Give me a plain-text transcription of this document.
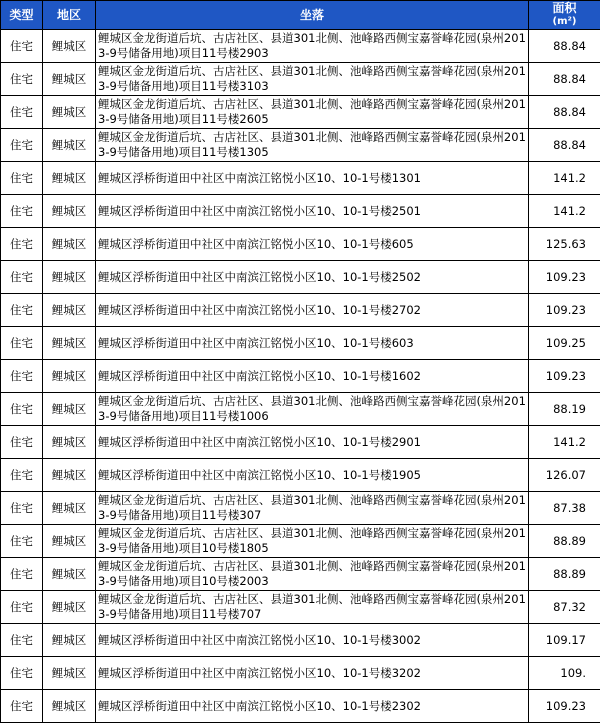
类型	地区	坐落	面积
(m²)
住宅	鲤城区	鲤城区金龙街道后坑、古店社区、县道301北侧、池峰路西侧宝嘉誉峰花园(泉州2013-9号储备用地)项目11号楼2903	88.84
住宅	鲤城区	鲤城区金龙街道后坑、古店社区、县道301北侧、池峰路西侧宝嘉誉峰花园(泉州2013-9号储备用地)项目11号楼3103	88.84
住宅	鲤城区	鲤城区金龙街道后坑、古店社区、县道301北侧、池峰路西侧宝嘉誉峰花园(泉州2013-9号储备用地)项目11号楼2605	88.84
住宅	鲤城区	鲤城区金龙街道后坑、古店社区、县道301北侧、池峰路西侧宝嘉誉峰花园(泉州2013-9号储备用地)项目11号楼1305	88.84
住宅	鲤城区	鲤城区浮桥街道田中社区中南滨江铭悦小区10、10-1号楼1301	141.2
住宅	鲤城区	鲤城区浮桥街道田中社区中南滨江铭悦小区10、10-1号楼2501	141.2
住宅	鲤城区	鲤城区浮桥街道田中社区中南滨江铭悦小区10、10-1号楼605	125.63
住宅	鲤城区	鲤城区浮桥街道田中社区中南滨江铭悦小区10、10-1号楼2502	109.23
住宅	鲤城区	鲤城区浮桥街道田中社区中南滨江铭悦小区10、10-1号楼2702	109.23
住宅	鲤城区	鲤城区浮桥街道田中社区中南滨江铭悦小区10、10-1号楼603	109.25
住宅	鲤城区	鲤城区浮桥街道田中社区中南滨江铭悦小区10、10-1号楼1602	109.23
住宅	鲤城区	鲤城区金龙街道后坑、古店社区、县道301北侧、池峰路西侧宝嘉誉峰花园(泉州2013-9号储备用地)项目11号楼1006	88.19
住宅	鲤城区	鲤城区浮桥街道田中社区中南滨江铭悦小区10、10-1号楼2901	141.2
住宅	鲤城区	鲤城区浮桥街道田中社区中南滨江铭悦小区10、10-1号楼1905	126.07
住宅	鲤城区	鲤城区金龙街道后坑、古店社区、县道301北侧、池峰路西侧宝嘉誉峰花园(泉州2013-9号储备用地)项目11号楼307	87.38
住宅	鲤城区	鲤城区金龙街道后坑、古店社区、县道301北侧、池峰路西侧宝嘉誉峰花园(泉州2013-9号储备用地)项目10号楼1805	88.89
住宅	鲤城区	鲤城区金龙街道后坑、古店社区、县道301北侧、池峰路西侧宝嘉誉峰花园(泉州2013-9号储备用地)项目10号楼2003	88.89
住宅	鲤城区	鲤城区金龙街道后坑、古店社区、县道301北侧、池峰路西侧宝嘉誉峰花园(泉州2013-9号储备用地)项目11号楼707	87.32
住宅	鲤城区	鲤城区浮桥街道田中社区中南滨江铭悦小区10、10-1号楼3002	109.17
住宅	鲤城区	鲤城区浮桥街道田中社区中南滨江铭悦小区10、10-1号楼3202	109.
住宅	鲤城区	鲤城区浮桥街道田中社区中南滨江铭悦小区10、10-1号楼2302	109.23
